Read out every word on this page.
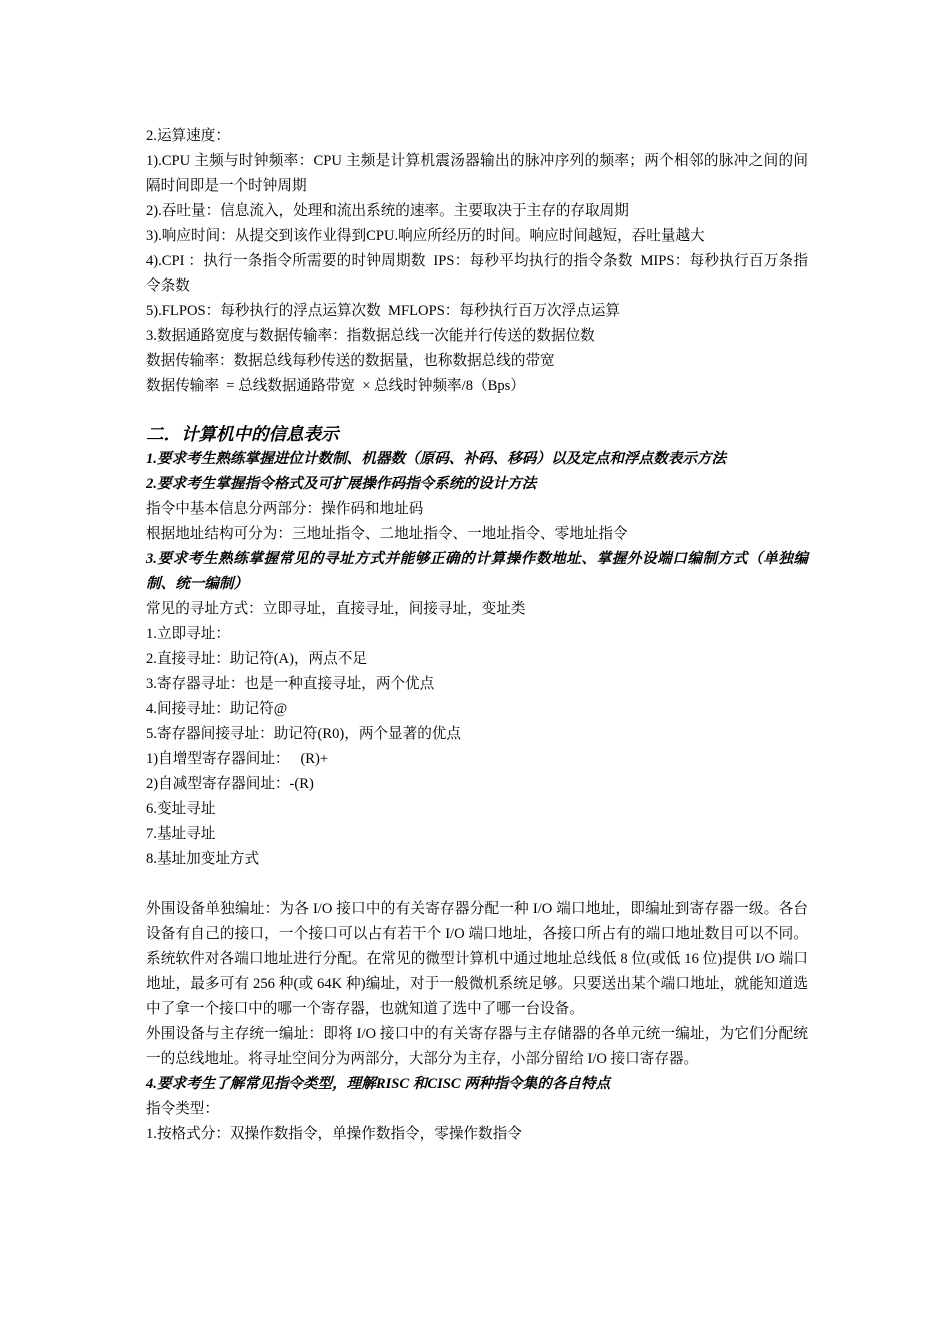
2.运算速度：

1).CPU 主频与时钟频率：CPU 主频是计算机震汤器输出的脉冲序列的频率；两个相邻的脉冲之间的间隔时间即是一个时钟周期

2).吞吐量：信息流入，处理和流出系统的速率。主要取决于主存的存取周期

3).响应时间：从提交到该作业得到CPU.响应所经历的时间。响应时间越短，吞吐量越大

4).CPI ：执行一条指令所需要的时钟周期数  IPS：每秒平均执行的指令条数  MIPS：每秒执行百万条指令条数

5).FLPOS：每秒执行的浮点运算次数  MFLOPS：每秒执行百万次浮点运算

3.数据通路宽度与数据传输率：指数据总线一次能并行传送的数据位数

数据传输率：数据总线每秒传送的数据量，也称数据总线的带宽

数据传输率  = 总线数据通路带宽  × 总线时钟频率/8（Bps）

二．计算机中的信息表示

1.要求考生熟练掌握进位计数制、机器数（原码、补码、移码）以及定点和浮点数表示方法

2.要求考生掌握指令格式及可扩展操作码指令系统的设计方法

指令中基本信息分两部分：操作码和地址码

根据地址结构可分为：三地址指令、二地址指令、一地址指令、零地址指令

3.要求考生熟练掌握常见的寻址方式并能够正确的计算操作数地址、掌握外设端口编制方式（单独编制、统一编制）

常见的寻址方式：立即寻址，直接寻址，间接寻址，变址类

1.立即寻址：

2.直接寻址：助记符(A)，两点不足

3.寄存器寻址：也是一种直接寻址，两个优点

4.间接寻址：助记符@

5.寄存器间接寻址：助记符(R0)，两个显著的优点

1)自增型寄存器间址：   (R)+

2)自减型寄存器间址：-(R)

6.变址寻址

7.基址寻址

8.基址加变址方式

外围设备单独编址：为各 I/O 接口中的有关寄存器分配一种 I/O 端口地址，即编址到寄存器一级。各台设备有自己的接口，一个接口可以占有若干个 I/O 端口地址，各接口所占有的端口地址数目可以不同。系统软件对各端口地址进行分配。在常见的微型计算机中通过地址总线低 8 位(或低 16 位)提供 I/O 端口地址，最多可有 256 种(或 64K 种)编址，对于一般微机系统足够。只要送出某个端口地址，就能知道选中了拿一个接口中的哪一个寄存器，也就知道了选中了哪一台设备。

外围设备与主存统一编址：即将 I/O 接口中的有关寄存器与主存储器的各单元统一编址，为它们分配统一的总线地址。将寻址空间分为两部分，大部分为主存，小部分留给 I/O 接口寄存器。

4.要求考生了解常见指令类型，理解RISC 和CISC 两种指令集的各自特点

指令类型：

1.按格式分：双操作数指令，单操作数指令，零操作数指令
